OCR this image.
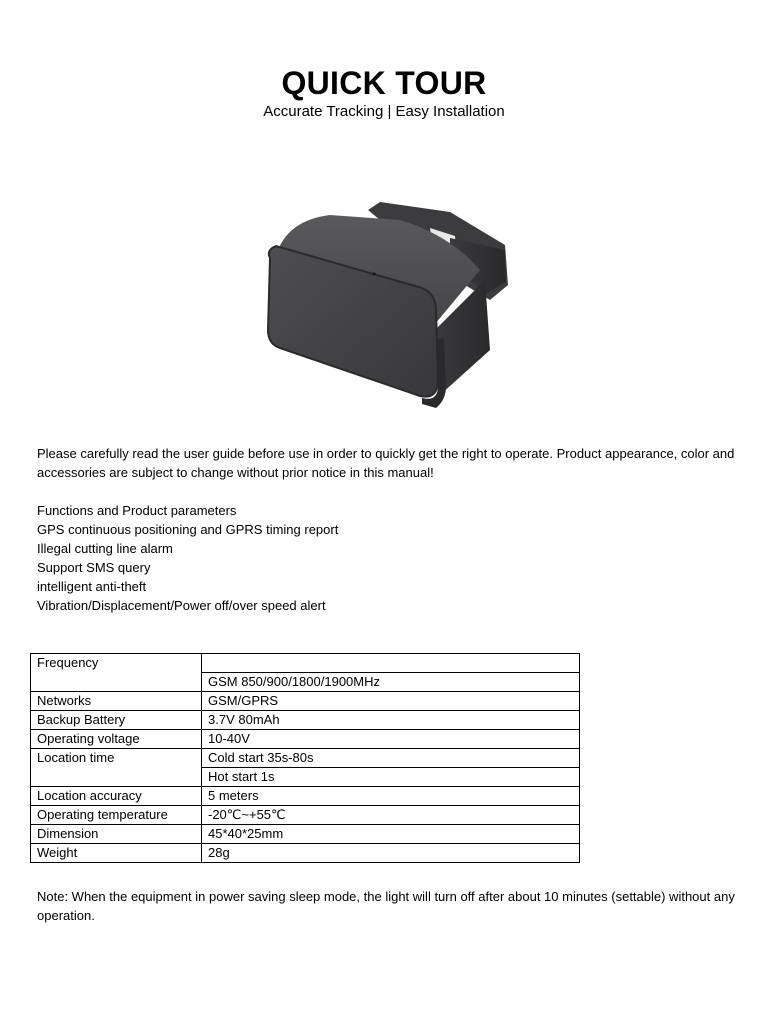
QUICK TOUR
Accurate Tracking | Easy Installation

Please carefully read the user guide before use in order to quickly get the right to operate. Product appearance, color and accessories are subject to change without prior notice in this manual!

Functions and Product parameters
GPS continuous positioning and GPRS timing report
Illegal cutting line alarm
Support SMS query
intelligent anti-theft
Vibration/Displacement/Power off/over speed alert
Frequency	
	GSM 850/900/1800/1900MHz
Networks	GSM/GPRS
Backup Battery	3.7V 80mAh
Operating voltage	10-40V
Location time	Cold start 35s-80s
	Hot start 1s
Location accuracy	5 meters
Operating temperature	-20℃~+55℃
Dimension	45*40*25mm
Weight	28g

Note: When the equipment in power saving sleep mode, the light will turn off after about 10 minutes (settable) without any operation.
